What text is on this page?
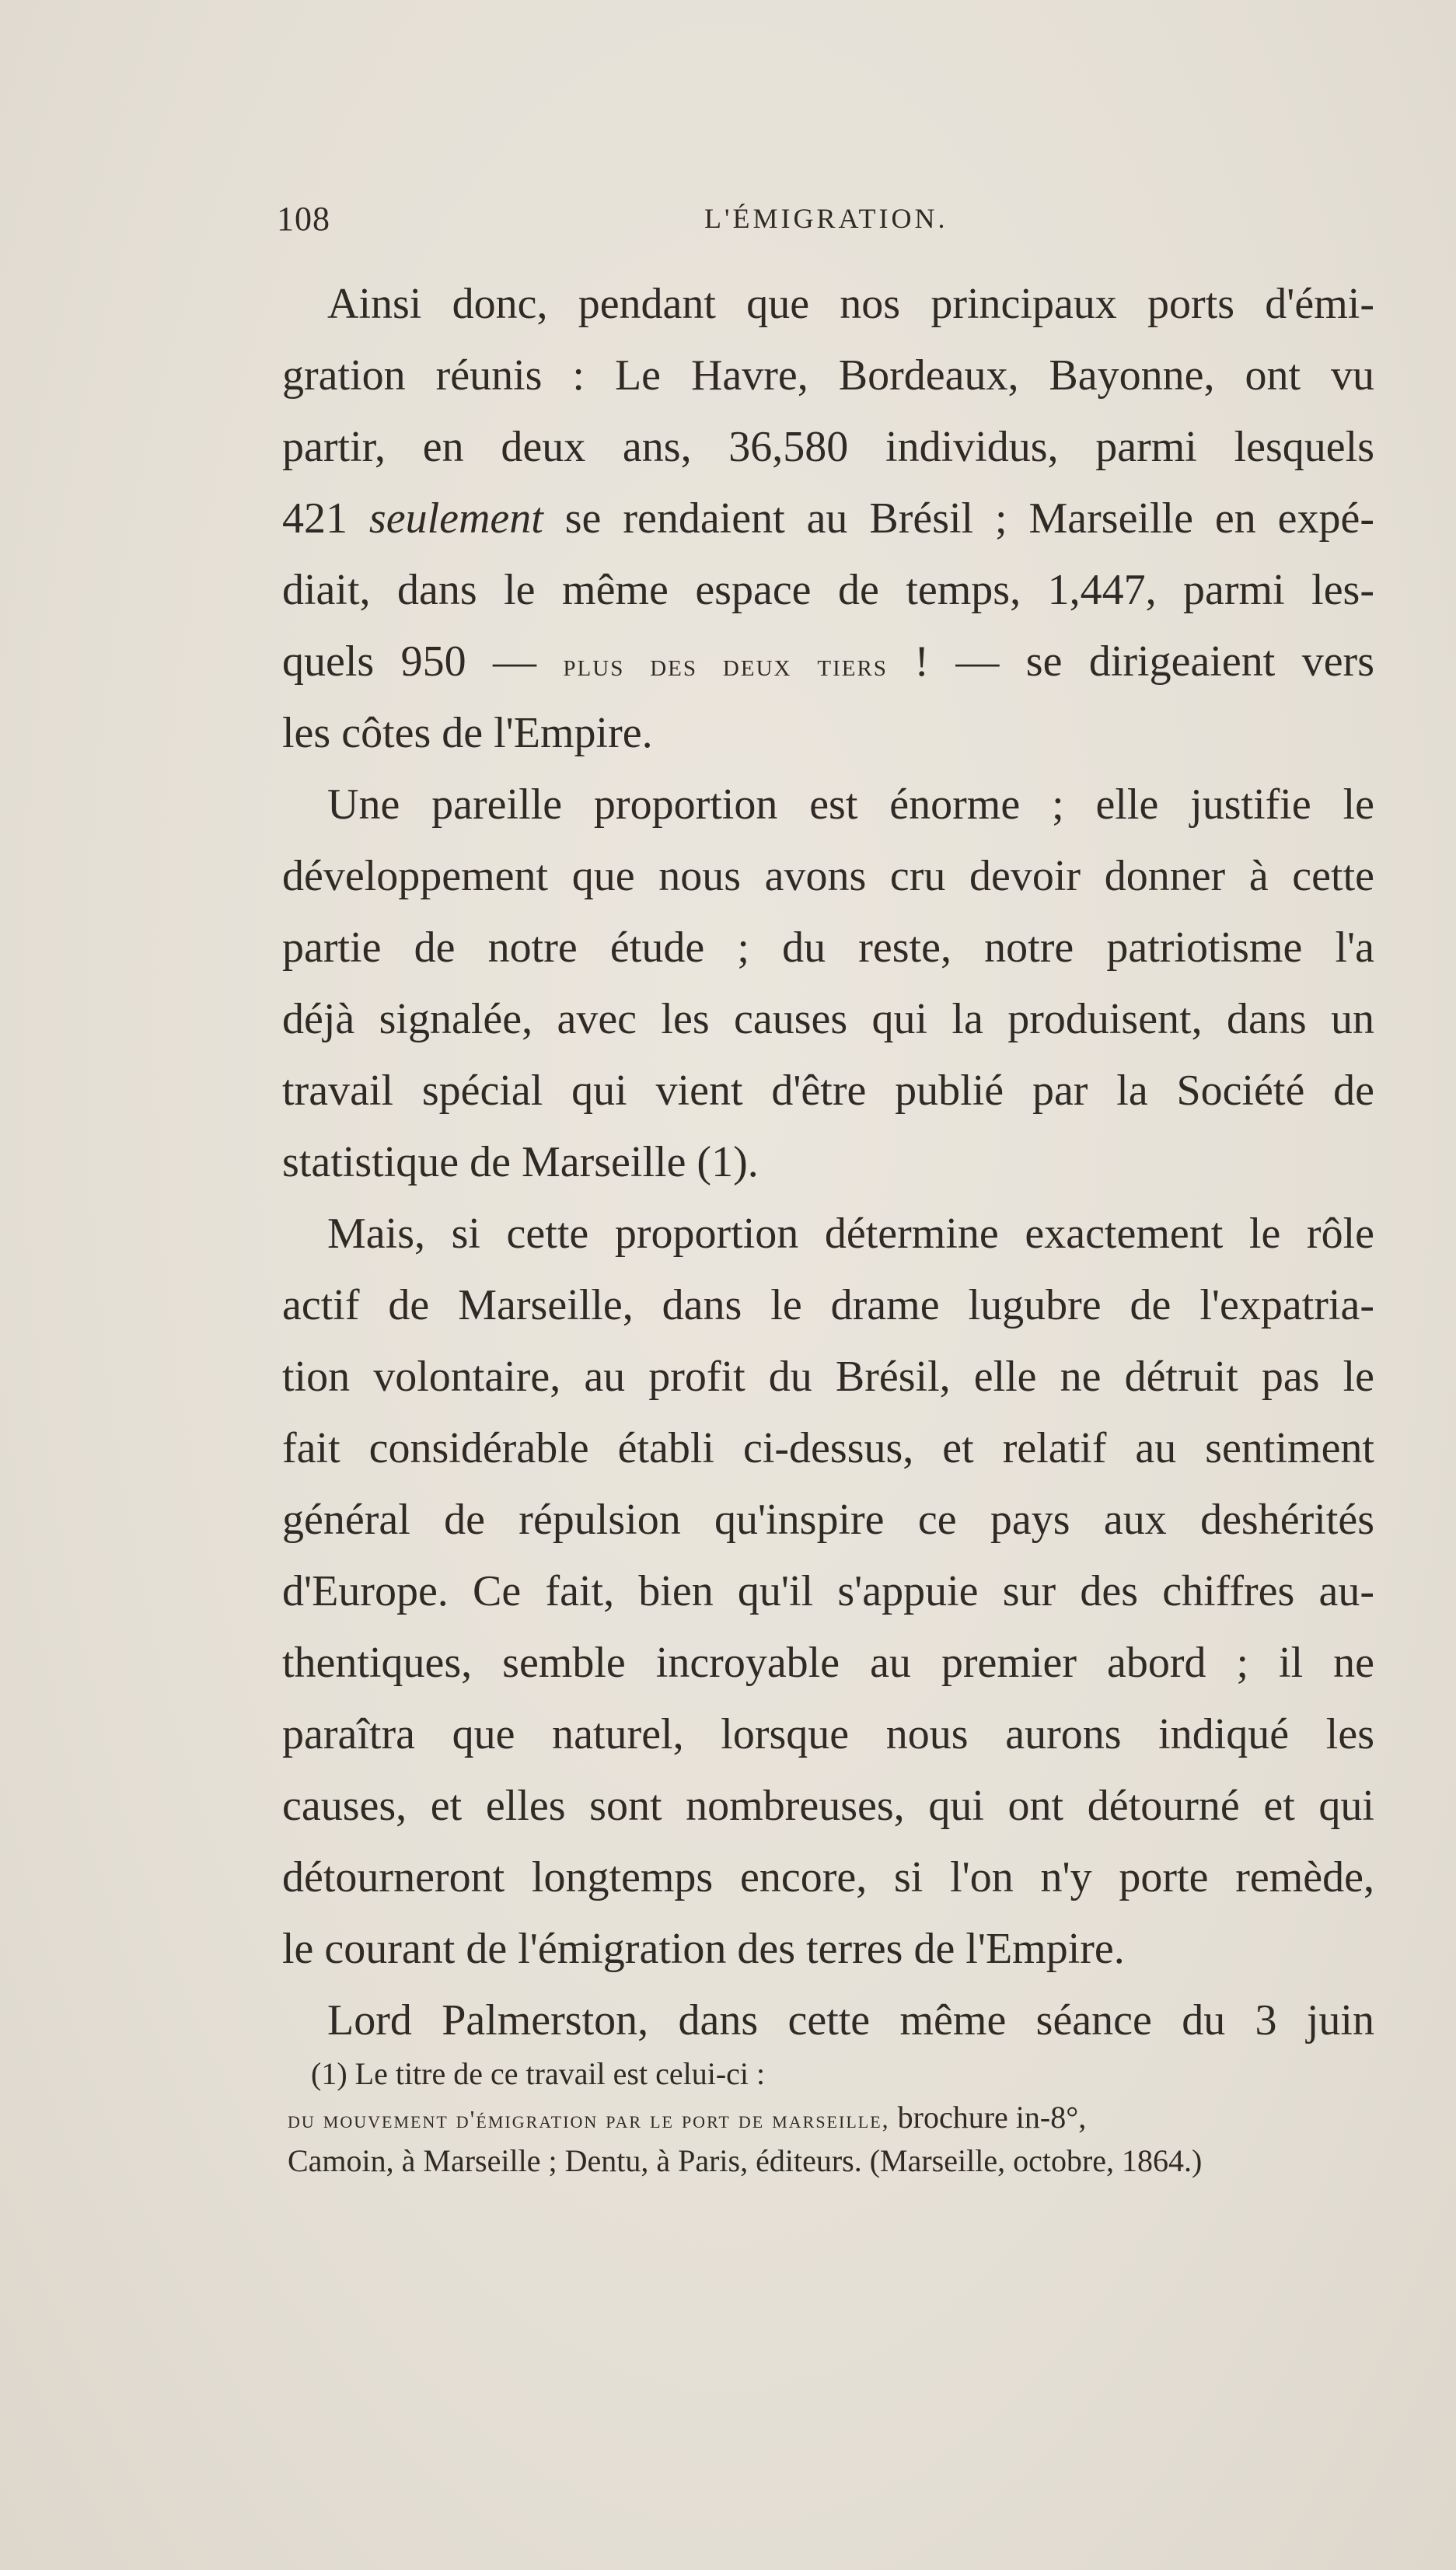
108	L'ÉMIGRATION.
Ainsi donc, pendant que nos principaux ports d'émi-
gration réunis : Le Havre, Bordeaux, Bayonne, ont vu
partir, en deux ans, 36,580 individus, parmi lesquels
421 seulement se rendaient au Brésil ; Marseille en expé-
diait, dans le même espace de temps, 1,447, parmi les-
quels 950 — plus des deux tiers ! — se dirigeaient vers
les côtes de l'Empire.
Une pareille proportion est énorme ; elle justifie le
développement que nous avons cru devoir donner à cette
partie de notre étude ; du reste, notre patriotisme l'a
déjà signalée, avec les causes qui la produisent, dans un
travail spécial qui vient d'être publié par la Société de
statistique de Marseille (1).
Mais, si cette proportion détermine exactement le rôle
actif de Marseille, dans le drame lugubre de l'expatria-
tion volontaire, au profit du Brésil, elle ne détruit pas le
fait considérable établi ci-dessus, et relatif au sentiment
général de répulsion qu'inspire ce pays aux deshérités
d'Europe. Ce fait, bien qu'il s'appuie sur des chiffres au-
thentiques, semble incroyable au premier abord ; il ne
paraîtra que naturel, lorsque nous aurons indiqué les
causes, et elles sont nombreuses, qui ont détourné et qui
détourneront longtemps encore, si l'on n'y porte remède,
le courant de l'émigration des terres de l'Empire.
Lord Palmerston, dans cette même séance du 3 juin
(1) Le titre de ce travail est celui-ci :
du mouvement d'émigration par le port de marseille, brochure in-8°,
Camoin, à Marseille ; Dentu, à Paris, éditeurs. (Marseille, octobre, 1864.)
